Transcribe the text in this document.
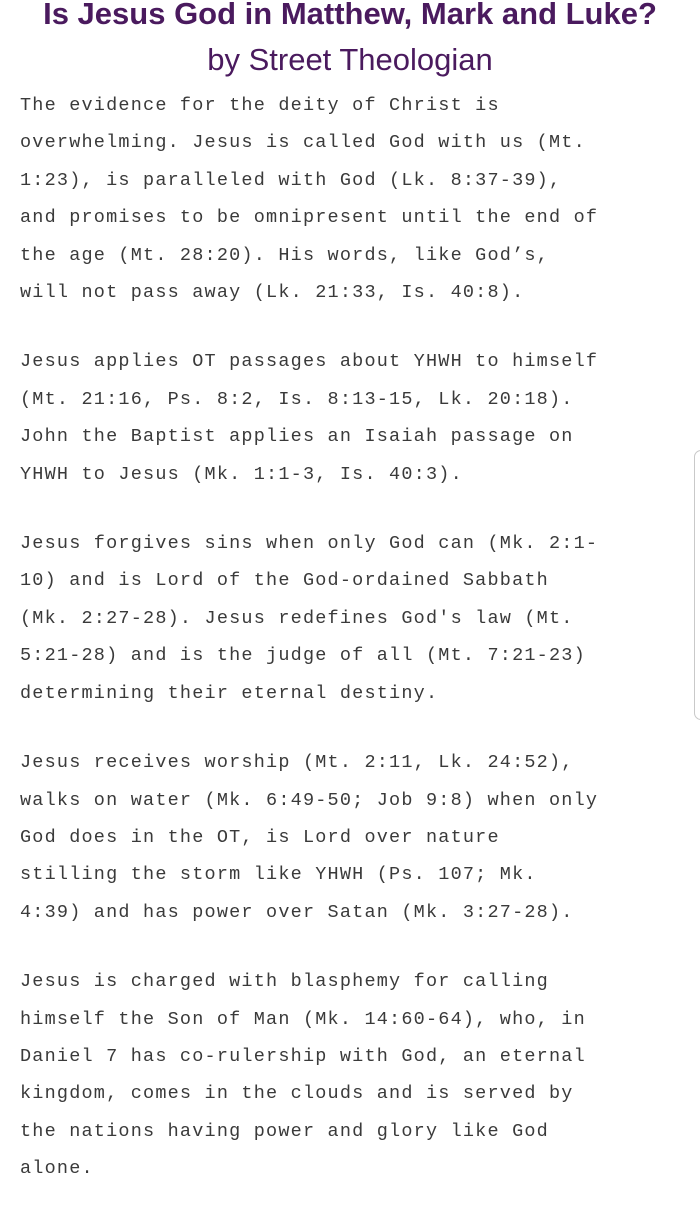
Is Jesus God in Matthew, Mark and Luke?
by Street Theologian
The evidence for the deity of Christ is
overwhelming. Jesus is called God with us (Mt.
1:23), is paralleled with God (Lk. 8:37-39),
and promises to be omnipresent until the end of
the age (Mt. 28:20). His words, like God’s,
will not pass away (Lk. 21:33, Is. 40:8).
Jesus applies OT passages about YHWH to himself
(Mt. 21:16, Ps. 8:2, Is. 8:13-15, Lk. 20:18).
John the Baptist applies an Isaiah passage on
YHWH to Jesus (Mk. 1:1-3, Is. 40:3).
Jesus forgives sins when only God can (Mk. 2:1-
10) and is Lord of the God-ordained Sabbath
(Mk. 2:27-28). Jesus redefines God's law (Mt.
5:21-28) and is the judge of all (Mt. 7:21-23)
determining their eternal destiny.
Jesus receives worship (Mt. 2:11, Lk. 24:52),
walks on water (Mk. 6:49-50; Job 9:8) when only
God does in the OT, is Lord over nature
stilling the storm like YHWH (Ps. 107; Mk.
4:39) and has power over Satan (Mk. 3:27-28).
Jesus is charged with blasphemy for calling
himself the Son of Man (Mk. 14:60-64), who, in
Daniel 7 has co-rulership with God, an eternal
kingdom, comes in the clouds and is served by
the nations having power and glory like God
alone.
